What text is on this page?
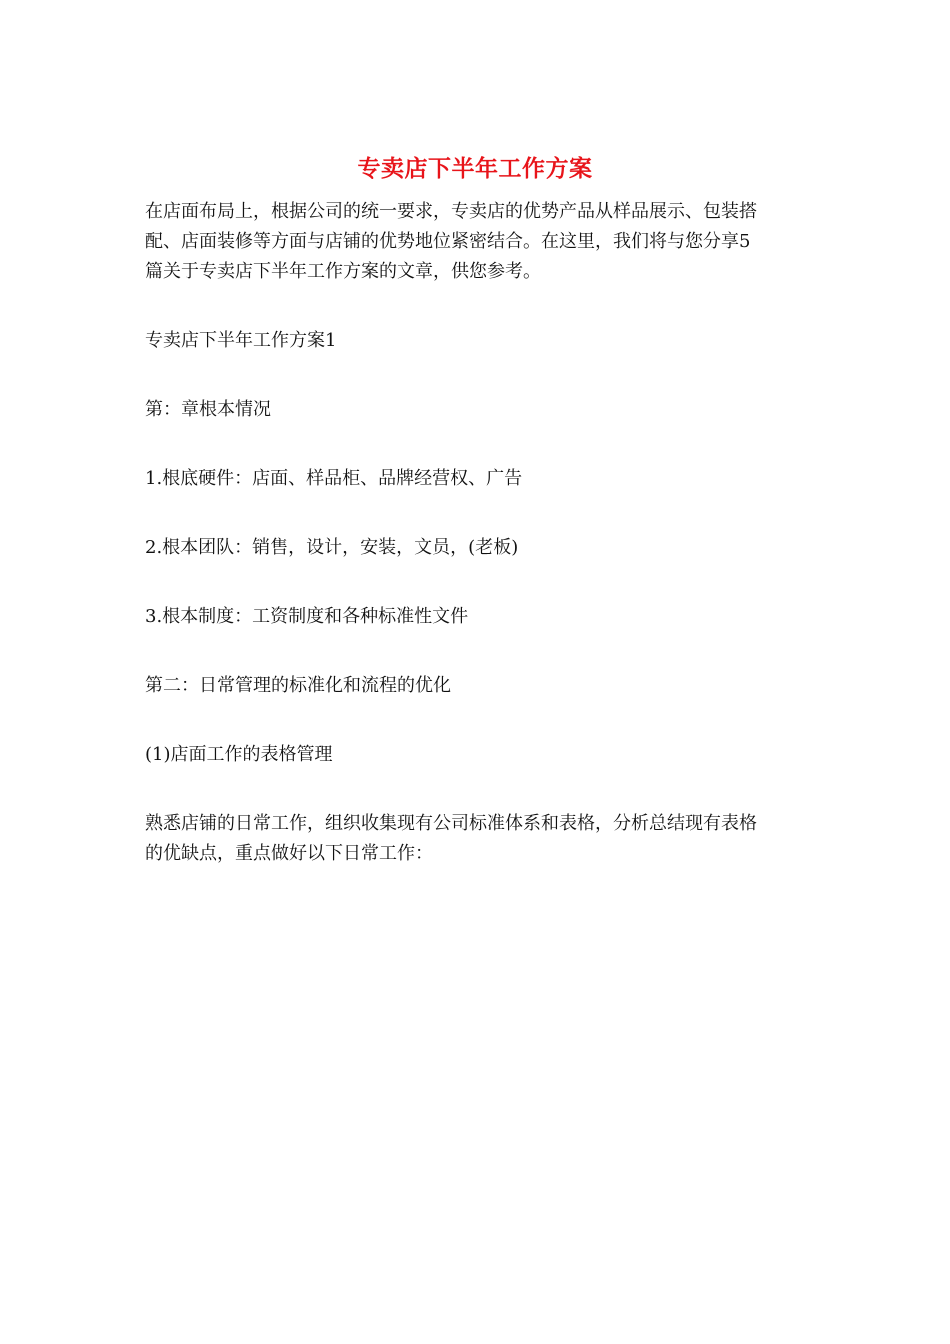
专卖店下半年工作方案
在店面布局上，根据公司的统一要求，专卖店的优势产品从样品展示、包装搭
配、店面装修等方面与店铺的优势地位紧密结合。在这里，我们将与您分享5
篇关于专卖店下半年工作方案的文章，供您参考。
专卖店下半年工作方案1
第：章根本情况
1.根底硬件：店面、样品柜、品牌经营权、广告
2.根本团队：销售，设计，安装，文员，(老板)
3.根本制度：工资制度和各种标准性文件
第二：日常管理的标准化和流程的优化
(1)店面工作的表格管理
熟悉店铺的日常工作，组织收集现有公司标准体系和表格，分析总结现有表格
的优缺点，重点做好以下日常工作：
